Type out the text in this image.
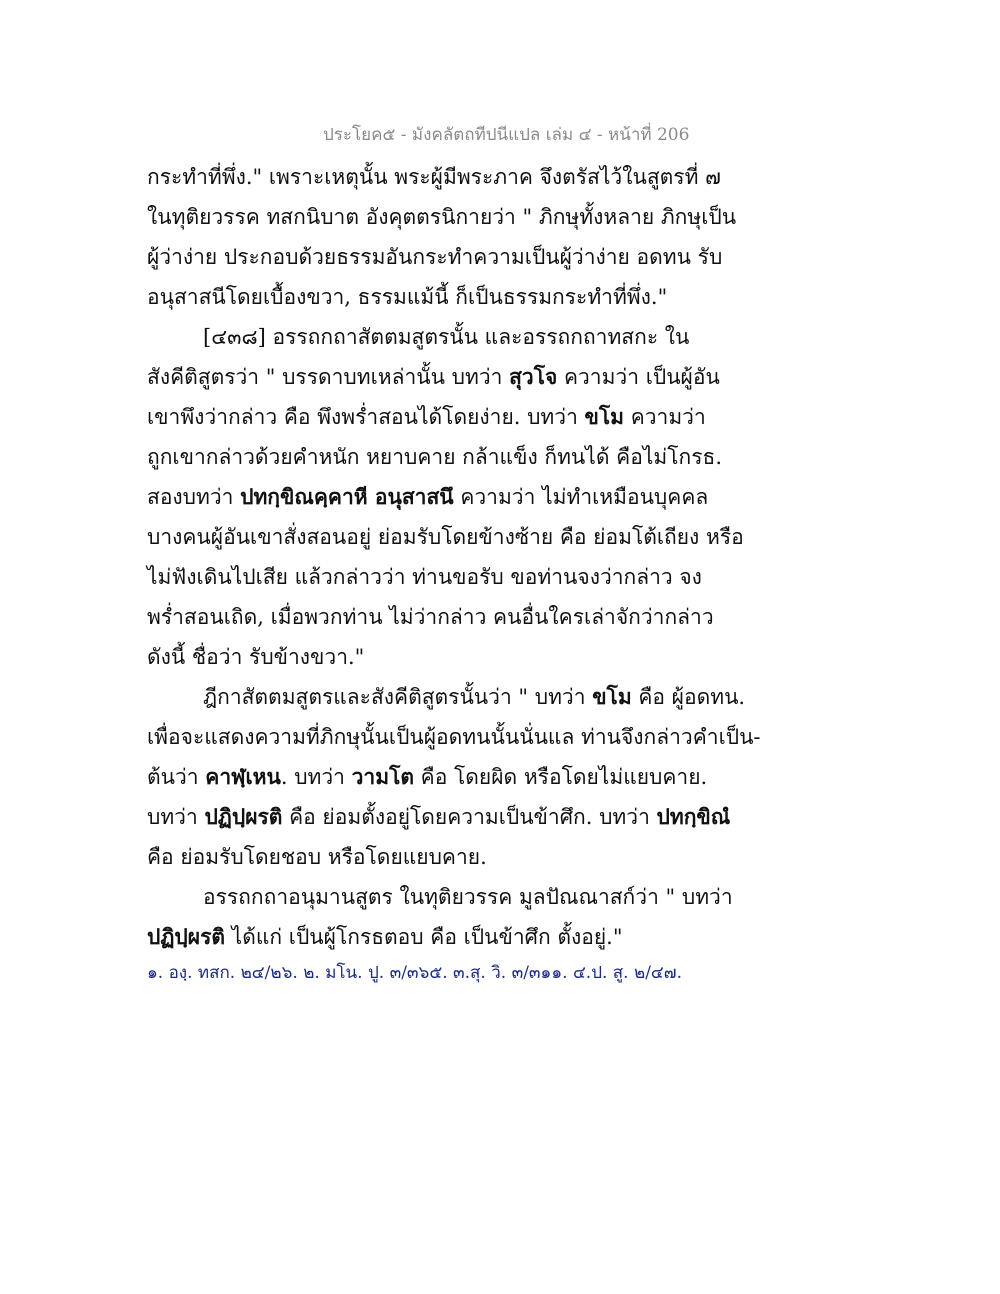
ประโยค๕ - มังคลัตถทีปนีแปล เล่ม ๔ - หน้าที่ 206
กระทำที่พึ่ง." เพราะเหตุนั้น พระผู้มีพระภาค จึงตรัสไว้ในสูตรที่ ๗
ในทุติยวรรค ทสกนิบาต อังคุตตรนิกายว่า " ภิกษุทั้งหลาย ภิกษุเป็น
ผู้ว่าง่าย ประกอบด้วยธรรมอันกระทำความเป็นผู้ว่าง่าย อดทน รับ
อนุสาสนีโดยเบื้องขวา, ธรรมแม้นี้ ก็เป็นธรรมกระทำที่พึ่ง."
[๔๓๘] อรรถกถาสัตตมสูตรนั้น และอรรถกถาทสกะ ใน
สังคีติสูตรว่า " บรรดาบทเหล่านั้น บทว่า สุวโจ ความว่า เป็นผู้อัน
เขาพึงว่ากล่าว คือ พึงพร่ำสอนได้โดยง่าย. บทว่า ขโม ความว่า
ถูกเขากล่าวด้วยคำหนัก หยาบคาย กล้าแข็ง ก็ทนได้ คือไม่โกรธ.
สองบทว่า ปทกฺขิณคฺคาหี อนุสาสนึ ความว่า ไม่ทำเหมือนบุคคล
บางคนผู้อันเขาสั่งสอนอยู่ ย่อมรับโดยข้างซ้าย คือ ย่อมโต้เถียง หรือ
ไม่ฟังเดินไปเสีย แล้วกล่าวว่า ท่านขอรับ ขอท่านจงว่ากล่าว จง
พร่ำสอนเถิด, เมื่อพวกท่าน ไม่ว่ากล่าว คนอื่นใครเล่าจักว่ากล่าว
ดังนี้ ชื่อว่า รับข้างขวา."
ฎีกาสัตตมสูตรและสังคีติสูตรนั้นว่า " บทว่า ขโม คือ ผู้อดทน.
เพื่อจะแสดงความที่ภิกษุนั้นเป็นผู้อดทนนั้นนั่นแล ท่านจึงกล่าวคำเป็น-
ต้นว่า คาฬฺเหน. บทว่า วามโต คือ โดยผิด หรือโดยไม่แยบคาย.
บทว่า ปฏิปฺผรติ คือ ย่อมตั้งอยู่โดยความเป็นข้าศึก. บทว่า ปทกฺขิณํ
คือ ย่อมรับโดยชอบ หรือโดยแยบคาย.
อรรถกถาอนุมานสูตร ในทุติยวรรค มูลปัณณาสก์ว่า " บทว่า
ปฏิปฺผรติ ได้แก่ เป็นผู้โกรธตอบ คือ เป็นข้าศึก ตั้งอยู่."
๑. องฺ. ทสก. ๒๔/๒๖. ๒. มโน. ปู. ๓/๓๖๕. ๓.สุ. วิ. ๓/๓๑๑. ๔.ป. สู. ๒/๔๗.
